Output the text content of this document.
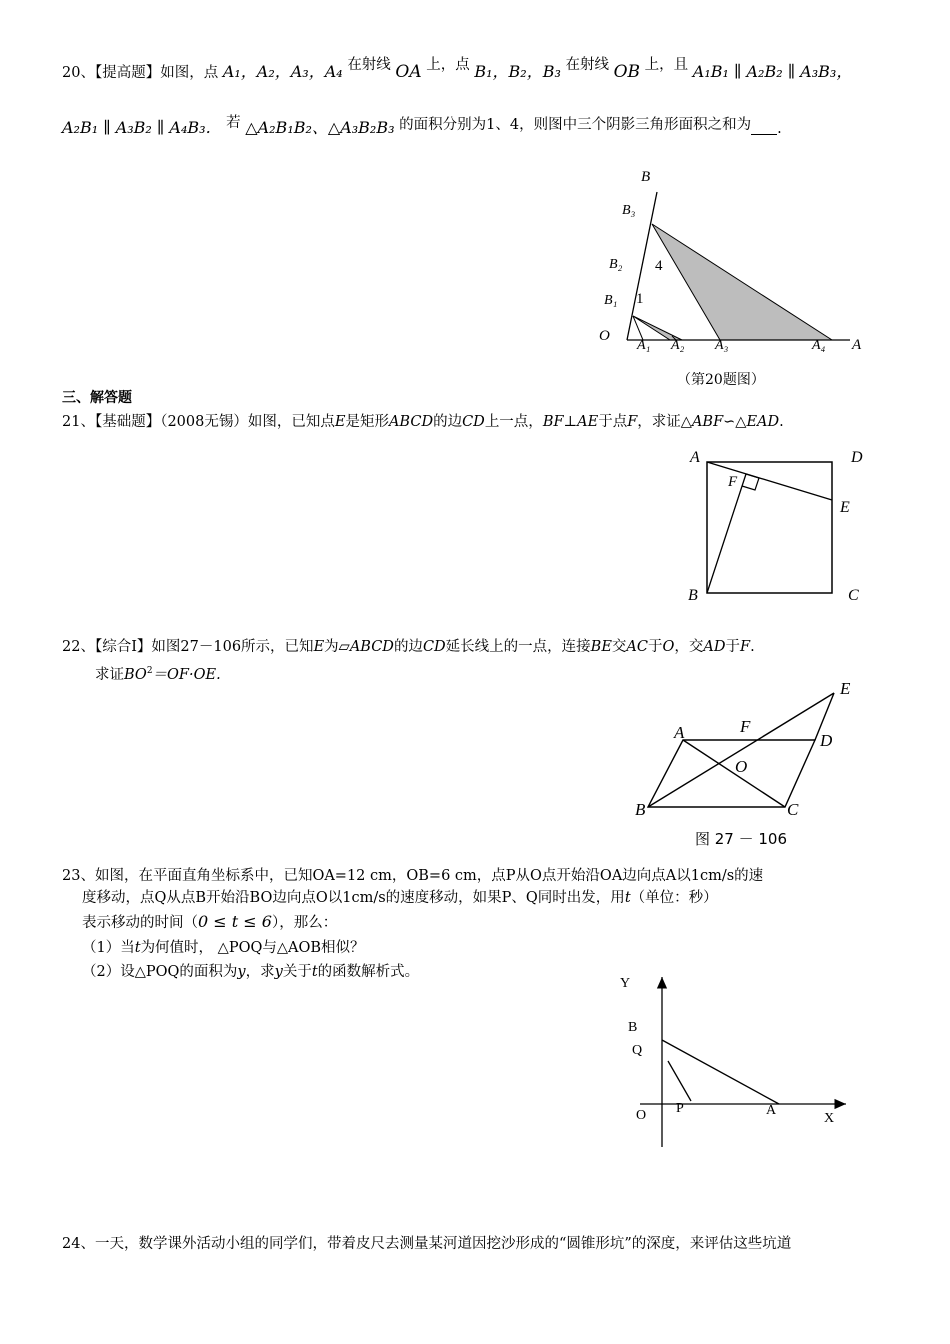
20、【提高题】如图，点 A₁，A₂，A₃，A₄ 在射线 OA 上，点 B₁，B₂，B₃ 在射线 OB 上，且 A₁B₁ ∥ A₂B₂ ∥ A₃B₃，
A₂B₁ ∥ A₃B₂ ∥ A₄B₃． 若 △A₂B₁B₂、△A₃B₂B₃ 的面积分别为1、4，则图中三个阴影三角形面积之和为 .
B
B₃
B₂
B₁
O
4
1
A₁ A₂ A₃	A₄ A
（第20题图）
三、解答题
21、【基础题】（2008无锡）如图，已知点E是矩形ABCD的边CD上一点，BF⊥AE于点F，求证△ABF∽△EAD.
A	D
F
E
B	C
22、【综合Ⅰ】如图27－106所示，已知E为▱ABCD的边CD延长线上的一点，连接BE交AC于O，交AD于F.
求证$BO^2=OF\cdot OE$.
E
A	F
D
O
B	C
图 27 － 106
23、如图，在平面直角坐标系中，已知OA=12 cm，OB=6 cm，点P从O点开始沿OA边向点A以1cm/s的速
度移动，点Q从点B开始沿BO边向点O以1cm/s的速度移动，如果P、Q同时出发，用t（单位：秒）
表示移动的时间（0 ≤ t ≤ 6），那么：
（1）当t为何值时， △POQ与△AOB相似？
（2）设△POQ的面积为y，求y关于t的函数解析式。
Y
B
Q
O P	A
X
24、一天，数学课外活动小组的同学们，带着皮尺去测量某河道因挖沙形成的“圆锥形坑”的深度，来评估这些坑道
